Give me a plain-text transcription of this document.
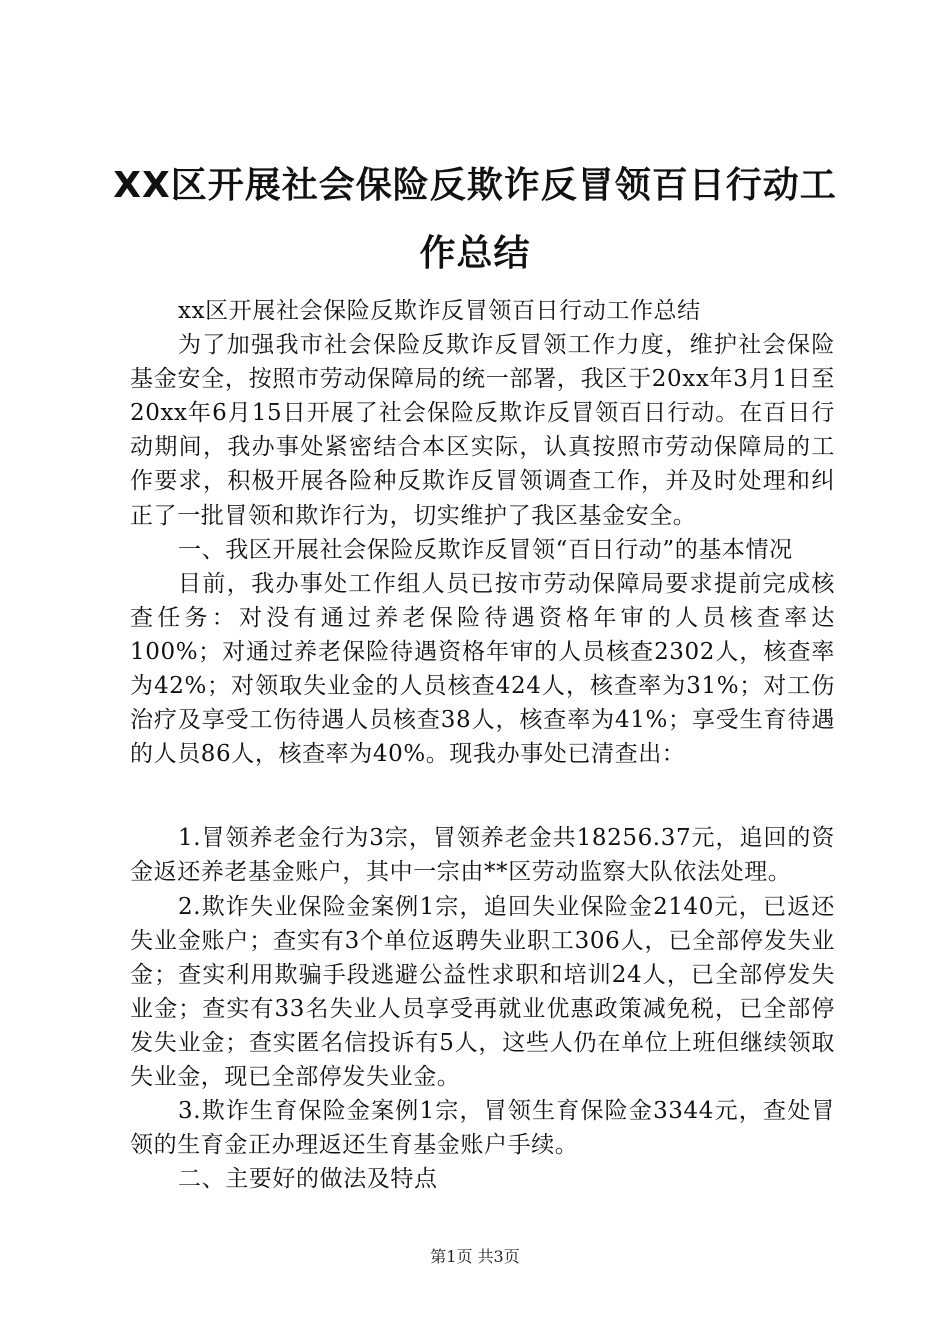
XX区开展社会保险反欺诈反冒领百日行动工作总结

xx区开展社会保险反欺诈反冒领百日行动工作总结

为了加强我市社会保险反欺诈反冒领工作力度，维护社会保险基金安全，按照市劳动保障局的统一部署，我区于20xx年3月1日至20xx年6月15日开展了社会保险反欺诈反冒领百日行动。在百日行动期间，我办事处紧密结合本区实际，认真按照市劳动保障局的工作要求，积极开展各险种反欺诈反冒领调查工作，并及时处理和纠正了一批冒领和欺诈行为，切实维护了我区基金安全。

一、我区开展社会保险反欺诈反冒领“百日行动”的基本情况

目前，我办事处工作组人员已按市劳动保障局要求提前完成核查任务：对没有通过养老保险待遇资格年审的人员核查率达100%；对通过养老保险待遇资格年审的人员核查2302人，核查率为42%；对领取失业金的人员核查424人，核查率为31%；对工伤治疗及享受工伤待遇人员核查38人，核查率为41%；享受生育待遇的人员86人，核查率为40%。现我办事处已清查出：

1.冒领养老金行为3宗，冒领养老金共18256.37元，追回的资金返还养老基金账户，其中一宗由**区劳动监察大队依法处理。

2.欺诈失业保险金案例1宗，追回失业保险金2140元，已返还失业金账户；查实有3个单位返聘失业职工306人，已全部停发失业金；查实利用欺骗手段逃避公益性求职和培训24人，已全部停发失业金；查实有33名失业人员享受再就业优惠政策减免税，已全部停发失业金；查实匿名信投诉有5人，这些人仍在单位上班但继续领取失业金，现已全部停发失业金。

3.欺诈生育保险金案例1宗，冒领生育保险金3344元，查处冒领的生育金正办理返还生育基金账户手续。

二、主要好的做法及特点

第1页 共3页
